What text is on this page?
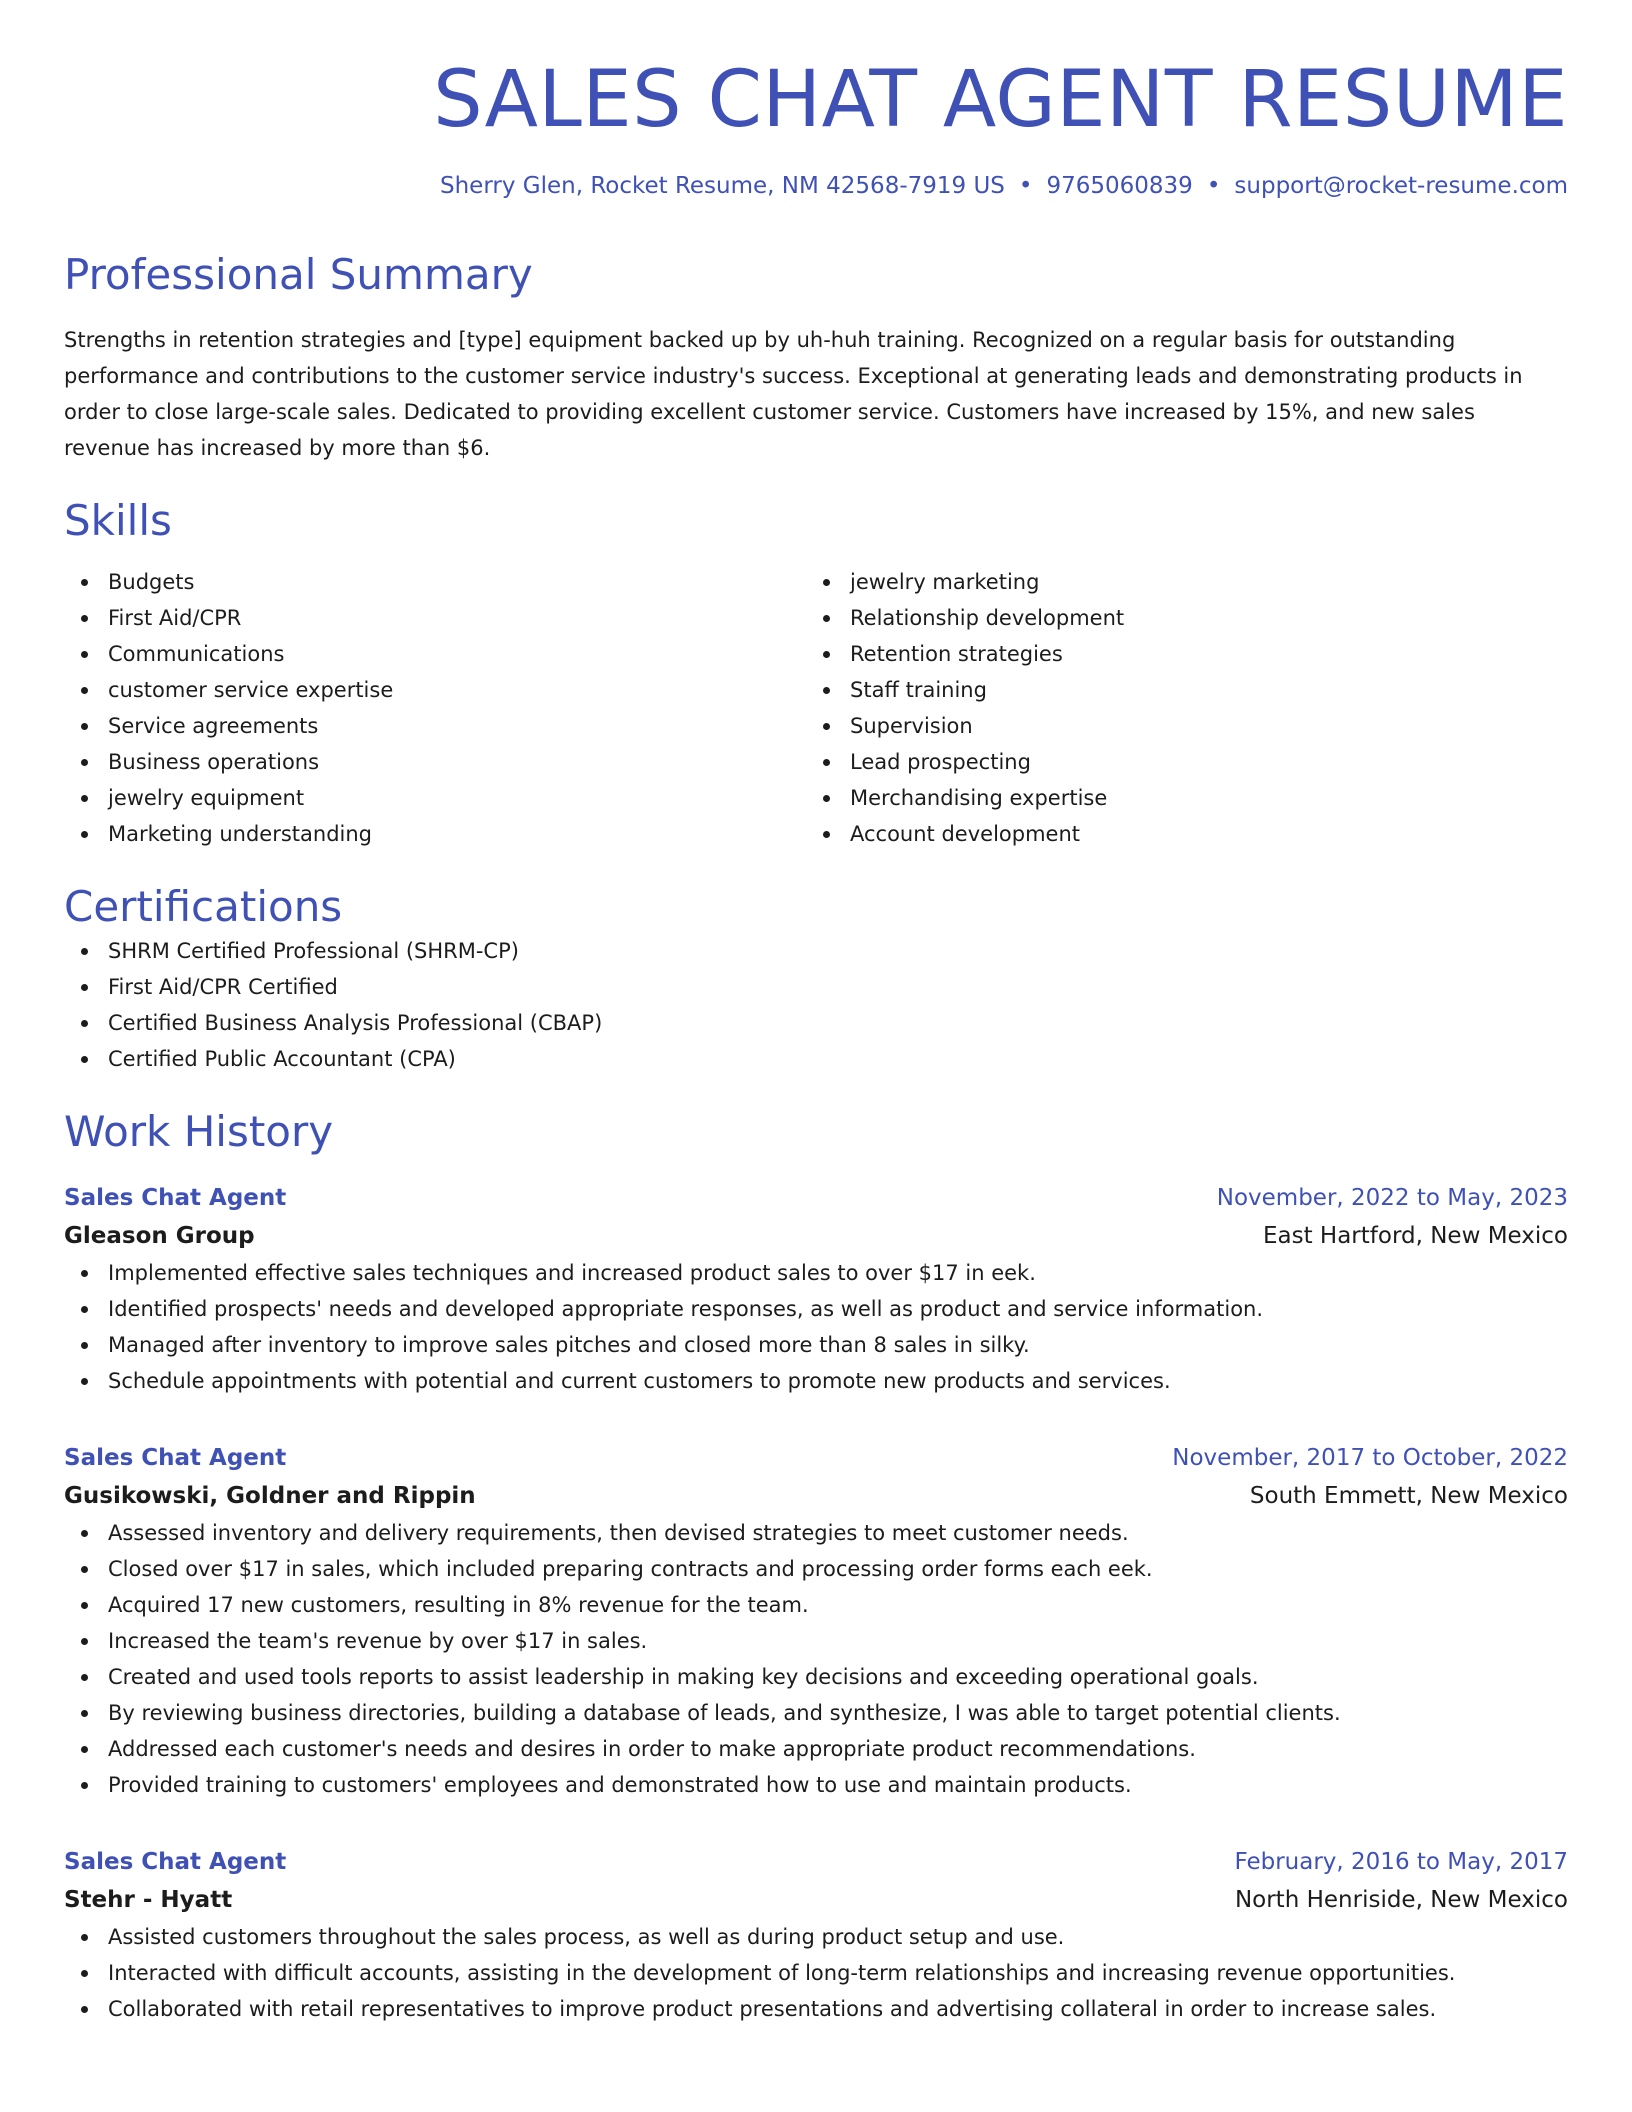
SALES CHAT AGENT RESUME
Sherry Glen, Rocket Resume, NM 42568-7919 US • 9765060839 • support@rocket-resume.com
Professional Summary
Strengths in retention strategies and [type] equipment backed up by uh-huh training. Recognized on a regular basis for outstanding performance and contributions to the customer service industry's success. Exceptional at generating leads and demonstrating products in order to close large-scale sales. Dedicated to providing excellent customer service. Customers have increased by 15%, and new sales revenue has increased by more than $6.
Skills
Budgets
First Aid/CPR
Communications
customer service expertise
Service agreements
Business operations
jewelry equipment
Marketing understanding
jewelry marketing
Relationship development
Retention strategies
Staff training
Supervision
Lead prospecting
Merchandising expertise
Account development
Certifications
SHRM Certified Professional (SHRM-CP)
First Aid/CPR Certified
Certified Business Analysis Professional (CBAP)
Certified Public Accountant (CPA)
Work History
Sales Chat Agent	November, 2022 to May, 2023
Gleason Group	East Hartford, New Mexico
Implemented effective sales techniques and increased product sales to over $17 in eek.
Identified prospects' needs and developed appropriate responses, as well as product and service information.
Managed after inventory to improve sales pitches and closed more than 8 sales in silky.
Schedule appointments with potential and current customers to promote new products and services.
Sales Chat Agent	November, 2017 to October, 2022
Gusikowski, Goldner and Rippin	South Emmett, New Mexico
Assessed inventory and delivery requirements, then devised strategies to meet customer needs.
Closed over $17 in sales, which included preparing contracts and processing order forms each eek.
Acquired 17 new customers, resulting in 8% revenue for the team.
Increased the team's revenue by over $17 in sales.
Created and used tools reports to assist leadership in making key decisions and exceeding operational goals.
By reviewing business directories, building a database of leads, and synthesize, I was able to target potential clients.
Addressed each customer's needs and desires in order to make appropriate product recommendations.
Provided training to customers' employees and demonstrated how to use and maintain products.
Sales Chat Agent	February, 2016 to May, 2017
Stehr - Hyatt	North Henriside, New Mexico
Assisted customers throughout the sales process, as well as during product setup and use.
Interacted with difficult accounts, assisting in the development of long-term relationships and increasing revenue opportunities.
Collaborated with retail representatives to improve product presentations and advertising collateral in order to increase sales.
